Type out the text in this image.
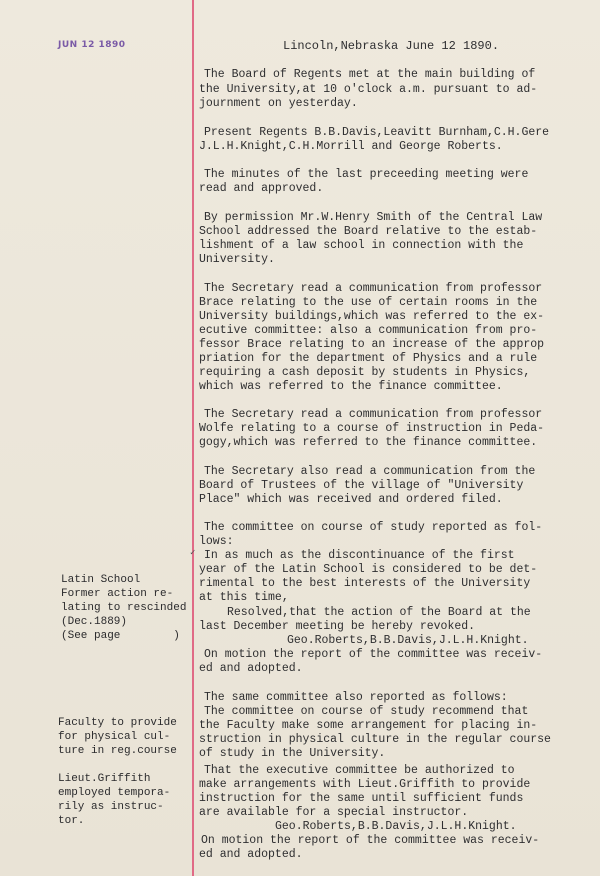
JUN 12 1890	Lincoln,Nebraska June 12 1890.
The Board of Regents met at the main building of
the University,at 10 o'clock a.m. pursuant to ad-
journment on yesterday.
Present Regents B.B.Davis,Leavitt Burnham,C.H.Gere
J.L.H.Knight,C.H.Morrill and George Roberts.
The minutes of the last preceeding meeting were
read and approved.
By permission Mr.W.Henry Smith of the Central Law
School addressed the Board relative to the estab-
lishment of a law school in connection with the
University.
The Secretary read a communication from professor
Brace relating to the use of certain rooms in the
University buildings,which was referred to the ex-
ecutive committee: also a communication from pro-
fessor Brace relating to an increase of the approp
priation for the department of Physics and a rule
requiring a cash deposit by students in Physics,
which was referred to the finance committee.
The Secretary read a communication from professor
Wolfe relating to a course of instruction in Peda-
gogy,which was referred to the finance committee.
The Secretary also read a communication from the
Board of Trustees of the village of "University
Place" which was received and ordered filed.
The committee on course of study reported as fol-
lows:
✓ In as much as the discontinuance of the first
year of the Latin School is considered to be det-
rimental to the best interests of the University
at this time,
Resolved,that the action of the Board at the
last December meeting be hereby revoked.
Geo.Roberts,B.B.Davis,J.L.H.Knight.
On motion the report of the committee was receiv-
ed and adopted.
The same committee also reported as follows:
The committee on course of study recommend that
the Faculty make some arrangement for placing in-
struction in physical culture in the regular course
of study in the University.
That the executive committee be authorized to
make arrangements with Lieut.Griffith to provide
instruction for the same until sufficient funds
are available for a special instructor.
Geo.Roberts,B.B.Davis,J.L.H.Knight.
On motion the report of the committee was receiv-
ed and adopted.
Latin School
Former action re-
lating to rescinded
(Dec.1889)
(See page        )
Faculty to provide
for physical cul-
ture in reg.course
Lieut.Griffith
employed tempora-
rily as instruc-
tor.
